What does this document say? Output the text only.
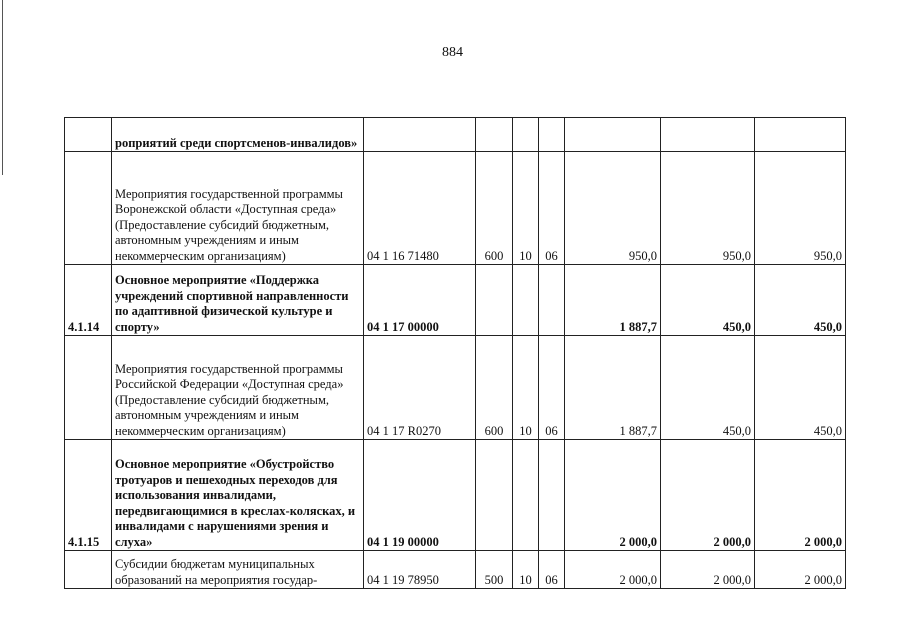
884
	роприятий среди спортсменов-инвалидов»							
	Мероприятия государственной программы Воронежской области «Доступная среда» (Предоставление субсидий бюджетным, автономным учреждениям и иным некоммерческим организациям)	04 1 16 71480	600	10	06	950,0	950,0	950,0
4.1.14	Основное мероприятие «Поддержка учреждений спортивной направленности по адаптивной физической культуре и спорту»	04 1 17 00000				1 887,7	450,0	450,0
	Мероприятия государственной программы Российской Федерации «Доступная среда» (Предоставление субсидий бюджетным, автономным учреждениям и иным некоммерческим организациям)	04 1 17 R0270	600	10	06	1 887,7	450,0	450,0
4.1.15	Основное мероприятие «Обустройство тротуаров и пешеходных переходов для использования инвалидами, передвигающимися в креслах-колясках, и инвалидами с нарушениями зрения и слуха»	04 1 19 00000				2 000,0	2 000,0	2 000,0
	Субсидии бюджетам муниципальных образований на мероприятия государ-	04 1 19 78950	500	10	06	2 000,0	2 000,0	2 000,0
